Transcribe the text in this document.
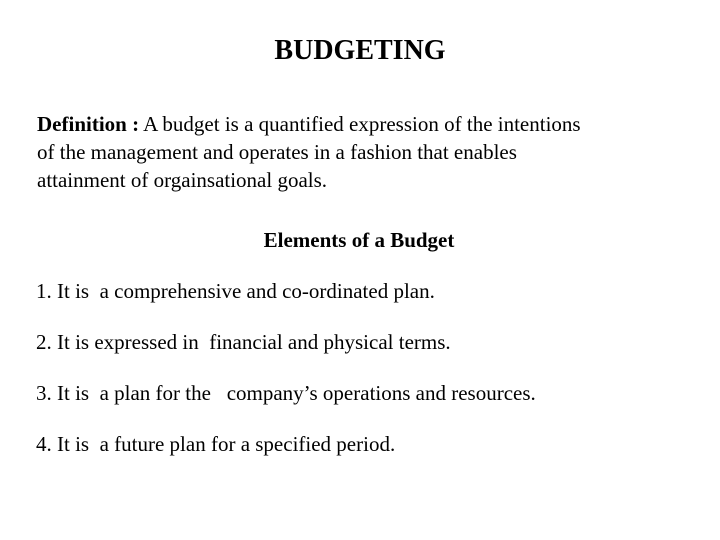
BUDGETING
Definition : A budget is a quantified expression of the intentions
of the management and operates in a fashion that enables
attainment of orgainsational goals.
Elements of a Budget
1. It is  a comprehensive and co-ordinated plan.
2. It is expressed in  financial and physical terms.
3. It is  a plan for the   company’s operations and resources.
4. It is  a future plan for a specified period.
